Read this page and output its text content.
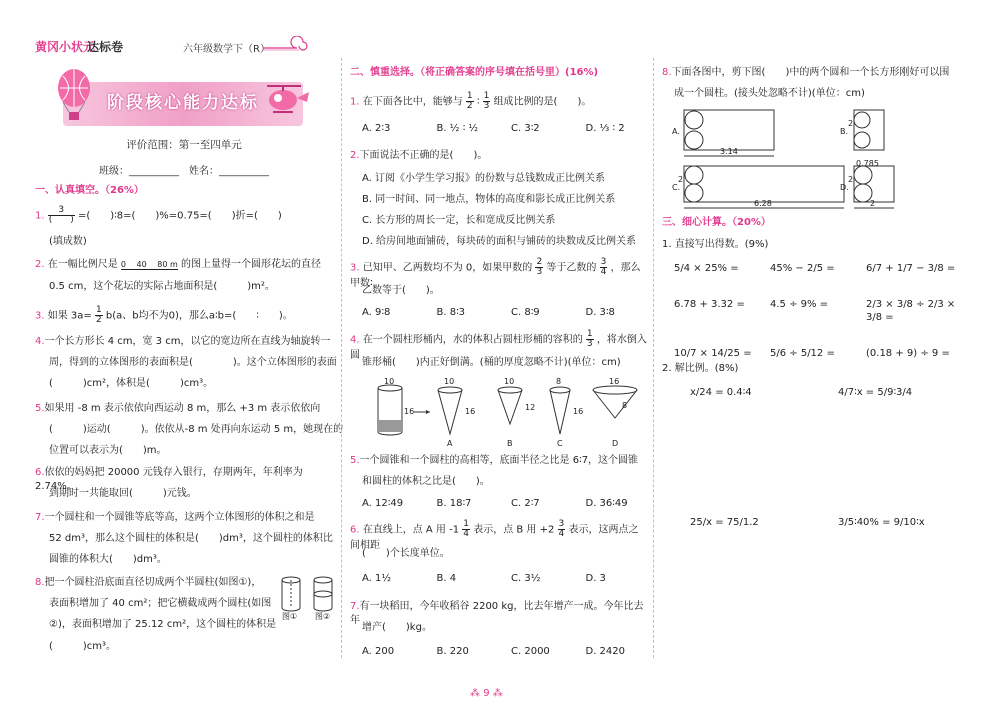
黄冈小状元
达标卷	六年级数学下（R）
阶段核心能力达标
评价范围：第一至四单元
班级：__________　姓名：__________
一、认真填空。（26%）
1. $\frac{3}{( )}$ =(　　)∶8=(　　)%=0.75=(　　)折=(　　)
(填成数)
2. 在一幅比例尺是 0　 40　 80 m 的图上量得一个圆形花坛的直径
0.5 cm，这个花坛的实际占地面积是(　　　)m²。
3. 如果 $3a= \frac{1}{2} b(a$、b均不为0)，那么a∶b=(　　∶　　)。
4.一个长方形长 4 cm，宽 3 cm，以它的宽边所在直线为轴旋转一
周，得到的立体图形的表面积是(　　　　)。这个立体图形的表面
(　　　)cm²，体积是(　　　)cm³。
5.如果用 -8 m 表示依依向西运动 8 m，那么 +3 m 表示依依向
(　　　)运动(　　　)。依依从-8 m 处再向东运动 5 m，她现在的
位置可以表示为(　　)m。
6.依依的妈妈把 20000 元钱存入银行，存期两年，年利率为 2.74%。
到期时一共能取回(　　　)元钱。
7.一个圆柱和一个圆锥等底等高，这两个立体图形的体积之和是
52 dm³，那么这个圆柱的体积是(　　)dm³，这个圆柱的体积比
圆锥的体积大(　　)dm³。
8.把一个圆柱沿底面直径切成两个半圆柱(如图①)，
表面积增加了 40 cm²；把它横截成两个圆柱(如图
②)，表面积增加了 25.12 cm²，这个圆柱的体积是
(　　　)cm³。
图① 图②
二、慎重选择。（将正确答案的序号填在括号里）(16%)
1. 在下面各比中，能够与 $\frac{1}{2}$ ∶ $\frac{1}{3}$ 组成比例的是(　　)。
A. 2∶3	B. ½ ∶ ½	C. 3∶2	D. ⅓ ∶ 2
2.下面说法不正确的是(　　)。
A. 订阅《小学生学习报》的份数与总钱数成正比例关系
B. 同一时间、同一地点，物体的高度和影长成正比例关系
C. 长方形的周长一定，长和宽成反比例关系
D. 给房间地面铺砖，每块砖的面积与铺砖的块数成反比例关系
3. 已知甲、乙两数均不为 0，如果甲数的 $\frac{2}{3}$ 等于乙数的 $\frac{3}{4}$ ，那么甲数∶
乙数等于(　　)。
A. 9∶8	B. 8∶3	C. 8∶9	D. 3∶8
4. 在一个圆柱形桶内，水的体积占圆柱形桶的容积的 $\frac{1}{3}$ ，将水倒入圆
锥形桶(　　)内正好倒满。(桶的厚度忽略不计)(单位：cm)
10
16
10
16
A
10
12
B
8
16
C
16
8
D
5.一个圆锥和一个圆柱的高相等，底面半径之比是 6∶7，这个圆锥
和圆柱的体积之比是(　　)。
A. 12∶49	B. 18∶7	C. 2∶7	D. 36∶49
6. 在直线上，点 A 用 $-1 \frac{1}{4}$ 表示，点 B 用 $+2 \frac{3}{4}$ 表示，这两点之间相距
(　　)个长度单位。
A. 1½	B. 4	C. 3½	D. 3
7.有一块稻田，今年收稻谷 2200 kg，比去年增产一成。今年比去年
增产(　　)kg。
A. 200	B. 220	C. 2000	D. 2420
8.下面各图中，剪下图(　　)中的两个圆和一个长方形刚好可以围
成一个圆柱。(接头处忽略不计)(单位：cm)
A.
3.14
B.
2
0.785
C.
2
6.28
D.
2
2
三、细心计算。（20%）
1. 直接写出得数。(9%)
5/4 × 25% =	45% − 2/5 =	6/7 + 1/7 − 3/8 =
6.78 + 3.32 =	4.5 ÷ 9% =	2/3 × 3/8 ÷ 2/3 × 3/8 =
10/7 × 14/25 =	5/6 ÷ 5/12 =	(0.18 + 9) ÷ 9 =
2. 解比例。(8%)
x/24 = 0.4∶4	4/7∶x = 5/9∶3/4
25/x = 75/1.2	3/5∶40% = 9/10∶x
⁂ 9 ⁂
